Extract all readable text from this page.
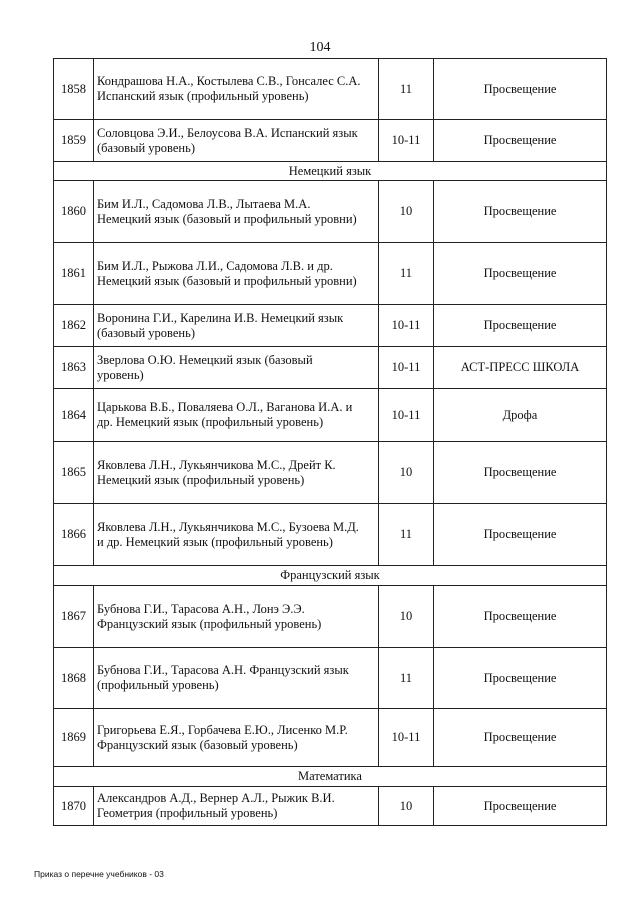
104
1858	Кондрашова Н.А., Костылева С.В., Гонсалес С.А.
Испанский язык (профильный уровень)	11	Просвещение
1859	Соловцова Э.И., Белоусова В.А. Испанский язык
(базовый уровень)	10-11	Просвещение
Немецкий язык			
1860	Бим И.Л., Садомова Л.В., Лытаева М.А.
Немецкий язык (базовый и профильный уровни)	10	Просвещение
1861	Бим И.Л., Рыжова Л.И., Садомова Л.В. и др.
Немецкий язык (базовый и профильный уровни)	11	Просвещение
1862	Воронина Г.И., Карелина И.В. Немецкий язык
(базовый уровень)	10-11	Просвещение
1863	Зверлова О.Ю. Немецкий язык (базовый
уровень)	10-11	АСТ-ПРЕСС ШКОЛА
1864	Царькова В.Б., Поваляева О.Л., Ваганова И.А. и
др. Немецкий язык (профильный уровень)	10-11	Дрофа
1865	Яковлева Л.Н., Лукьянчикова М.С., Дрейт К.
Немецкий язык (профильный уровень)	10	Просвещение
1866	Яковлева Л.Н., Лукьянчикова М.С., Бузоева М.Д.
и др. Немецкий язык (профильный уровень)	11	Просвещение
Французский язык			
1867	Бубнова Г.И., Тарасова А.Н., Лонэ Э.Э.
Французский язык (профильный уровень)	10	Просвещение
1868	Бубнова Г.И., Тарасова А.Н. Французский язык
(профильный уровень)	11	Просвещение
1869	Григорьева Е.Я., Горбачева Е.Ю., Лисенко М.Р.
Французский язык (базовый уровень)	10-11	Просвещение
Математика			
1870	Александров А.Д., Вернер А.Л., Рыжик В.И.
Геометрия (профильный уровень)	10	Просвещение
Приказ о перечне учебников - 03
